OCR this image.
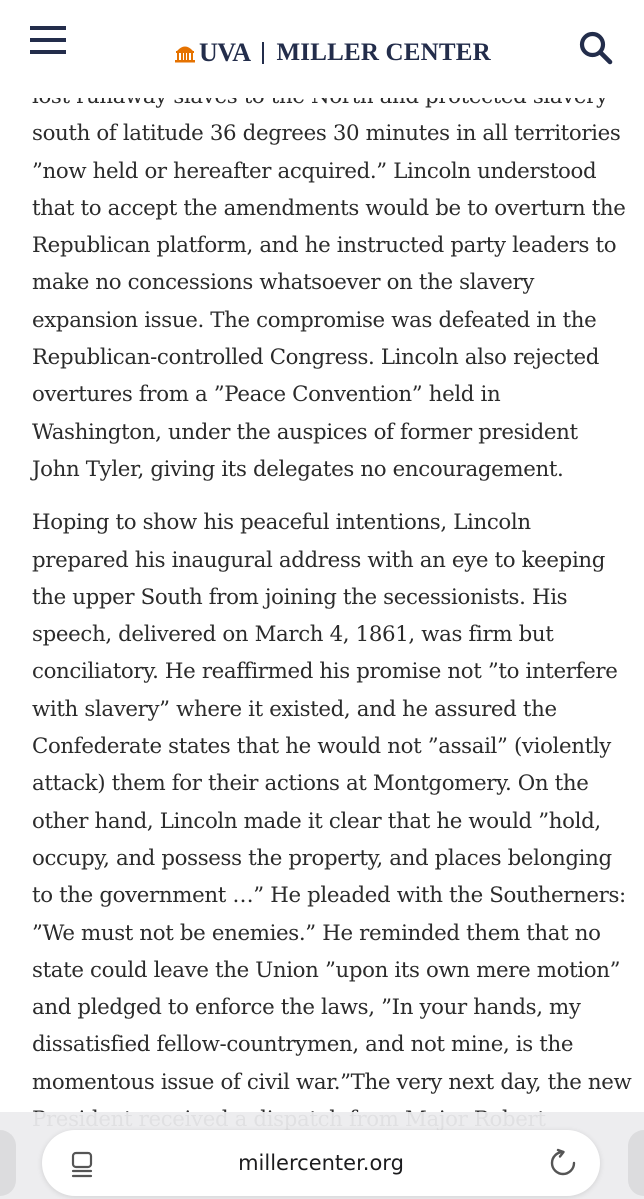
UVA MILLER CENTER

south of latitude 36 degrees 30 minutes in all territories
”now held or hereafter acquired.” Lincoln understood
that to accept the amendments would be to overturn the
Republican platform, and he instructed party leaders to
make no concessions whatsoever on the slavery
expansion issue. The compromise was defeated in the
Republican-controlled Congress. Lincoln also rejected
overtures from a ”Peace Convention” held in
Washington, under the auspices of former president
John Tyler, giving its delegates no encouragement.

Hoping to show his peaceful intentions, Lincoln
prepared his inaugural address with an eye to keeping
the upper South from joining the secessionists. His
speech, delivered on March 4, 1861, was firm but
conciliatory. He reaffirmed his promise not ”to interfere
with slavery” where it existed, and he assured the
Confederate states that he would not ”assail” (violently
attack) them for their actions at Montgomery. On the
other hand, Lincoln made it clear that he would ”hold,
occupy, and possess the property, and places belonging
to the government …” He pleaded with the Southerners:
”We must not be enemies.” He reminded them that no
state could leave the Union ”upon its own mere motion”
and pledged to enforce the laws, ”In your hands, my
dissatisfied fellow-countrymen, and not mine, is the
momentous issue of civil war.”The very next day, the new

millercenter.org
